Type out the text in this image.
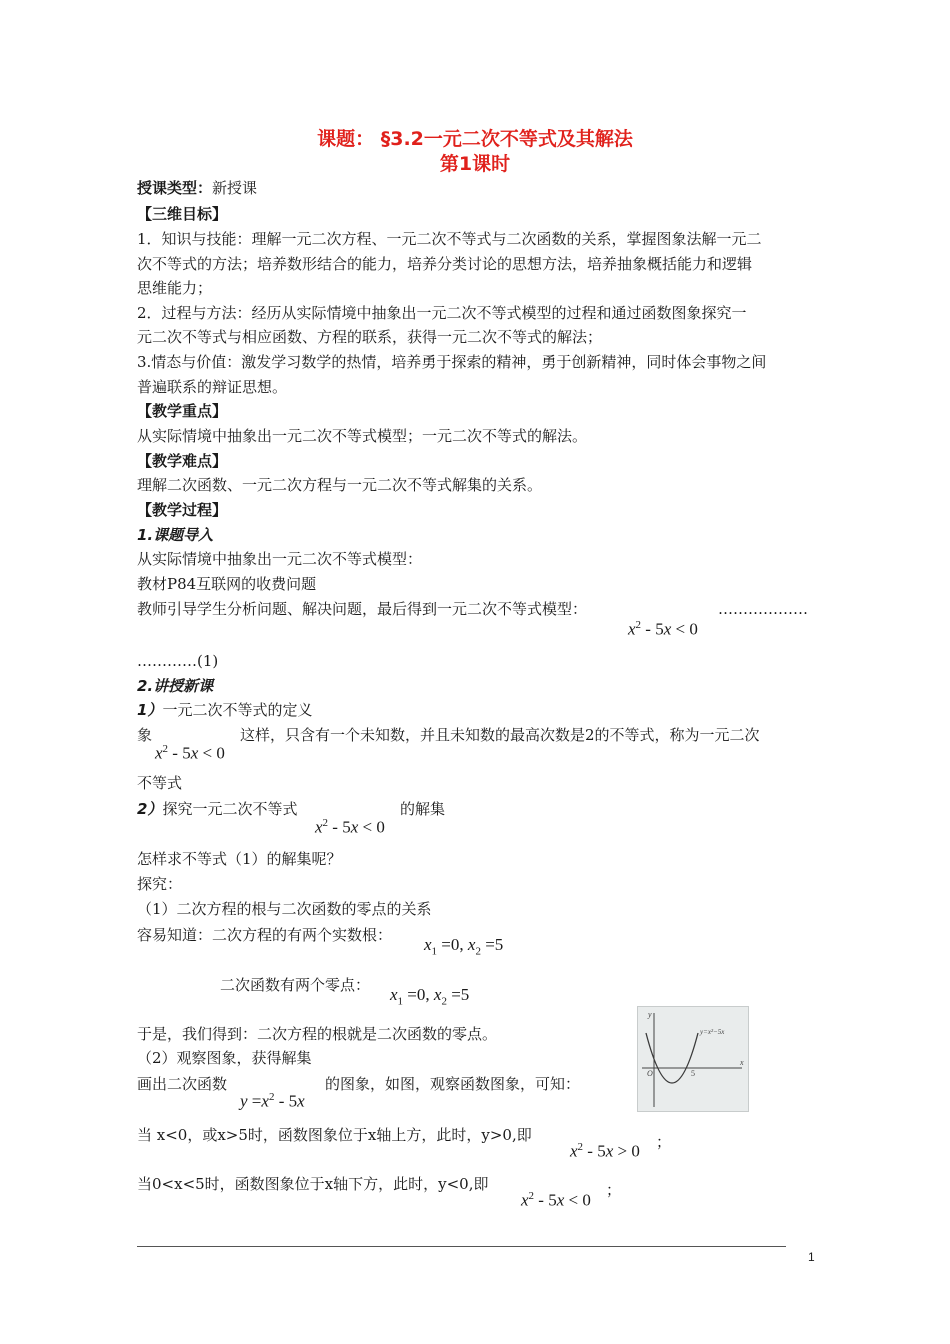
课题： §3.2一元二次不等式及其解法
第1课时
授课类型：新授课
【三维目标】
1．知识与技能：理解一元二次方程、一元二次不等式与二次函数的关系，掌握图象法解一元二
次不等式的方法；培养数形结合的能力，培养分类讨论的思想方法，培养抽象概括能力和逻辑
思维能力；
2．过程与方法：经历从实际情境中抽象出一元二次不等式模型的过程和通过函数图象探究一
元二次不等式与相应函数、方程的联系，获得一元二次不等式的解法；
3.情态与价值：激发学习数学的热情，培养勇于探索的精神，勇于创新精神，同时体会事物之间
普遍联系的辩证思想。
【教学重点】
从实际情境中抽象出一元二次不等式模型；一元二次不等式的解法。
【教学难点】
理解二次函数、一元二次方程与一元二次不等式解集的关系。
【教学过程】
1.课题导入
从实际情境中抽象出一元二次不等式模型：
教材P84互联网的收费问题
教师引导学生分析问题、解决问题，最后得到一元二次不等式模型：
$x^2 - 5x < 0$
………………
…………(1)
2.讲授新课
1）一元二次不等式的定义
象
$x^2 - 5x < 0$
这样，只含有一个未知数，并且未知数的最高次数是2的不等式，称为一元二次
不等式
2）探究一元二次不等式
$x^2 - 5x < 0$
的解集
怎样求不等式（1）的解集呢？
探究：
（1）二次方程的根与二次函数的零点的关系
容易知道：二次方程的有两个实数根： $x_1 =0$, $x_2 =5$
二次函数有两个零点： $x_1 =0$, $x_2 =5$
于是，我们得到：二次方程的根就是二次函数的零点。
y
x
O	5
y=x²−5x
（2）观察图象，获得解集
画出二次函数
$y =x^2 - 5x$
的图象，如图，观察函数图象，可知：
当 x<0，或x>5时，函数图象位于x轴上方，此时，y>0,即
$x^2 - 5x > 0$ ；
当0<x<5时，函数图象位于x轴下方，此时，y<0,即
$x^2 - 5x < 0$
；
1
